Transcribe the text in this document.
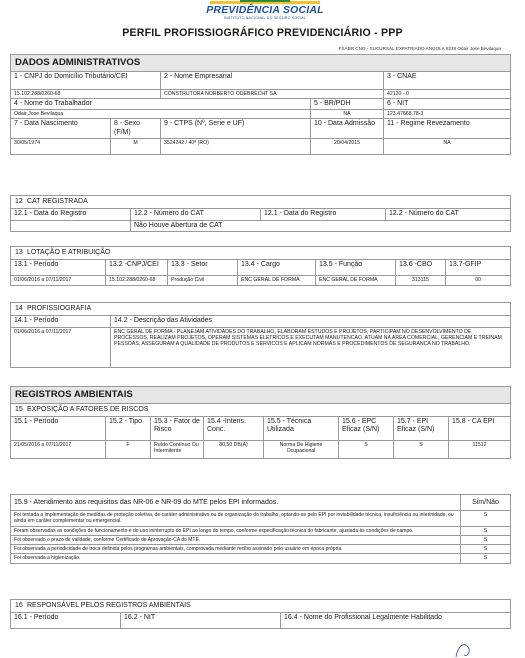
PREVIDÊNCIA SOCIAL
INSTITUTO NACIONAL DO SEGURO SOCIAL
PERFIL PROFISSIOGRÁFICO PREVIDENCIÁRIO - PPP
FSABR CNO - SUCURSAL EXPATRIADO ANGOLA 6238 Odair Jose Bevilaqua
DADOS ADMINISTRATIVOS				
1 - CNPJ do Domicílio Tributário/CEI		2 - Nome Empresarial		3 - CNAE
15.102.288/0260-68		CONSTRUTORA NORBERTO ODEBRECHT SA		42120 - 0
4 - Nome do Trabalhador			5 - BR/PDH	6 - NIT
Odair Jose Bevilaqua			NA	123.47668.78-3
7 - Data Nascimento	8 - Sexo (F/M)	9 - CTPS (Nº, Serie e UF)	10 - Data Admissão	11 - Regime Revezamento
30/05/1974	M	3524242 / 40ª (RO)	20/04/2015	NA
12 CAT REGISTRADA			
12.1 - Data do Registro	12.2 - Número do CAT	12.1 - Data do Registro	12.2 - Número do CAT
	Não Houve Abertura de CAT		
13 LOTAÇÃO E ATRIBUIÇÃO						
13.1 - Período	13.2 -CNPJ/CEI	13.3 - Setor	13.4 - Cargo	13.5 - Função	13.6 -CBO	13.7-GFIP
01/06/2016 a 07/11/2017	15.102.288/0260-68	Produção Civil	ENC GERAL DE FORMA	ENC GERAL DE FORMA	313115	00
14 PROFISSIOGRAFIA	
14.1 - Período	14.2 - Descrição das Atividades
01/06/2016 a 07/11/2017	ENC GERAL DE FORMA - PLANEJAM ATIVIDADES DO TRABALHO, ELABORAM ESTUDOS E PROJETOS, PARTICIPAM NO DESENVOLVIMENTO DE PROCESSOS, REALIZAM PROJETOS, OPERAM SISTEMAS ELETRICOS E EXECUTAM MANUTENCAO. ATUAM NA AREA COMERCIAL, GERENCIAM E TREINAM PESSOAS, ASSEGURAM A QUALIDADE DE PRODUTOS E SERVICOS E APLICAM NORMAS E PROCEDIMENTOS DE SEGURANCA NO TRABALHO.
REGISTROS AMBIENTAIS							
15 EXPOSIÇÃO A FATORES DE RISCOS							
15.1 - Período	15.2 - Tipo	15.3 - Fator de Risco	15.4 -Intens. Conc.	15.5 - Técnica Utilizada	15.6 - EPC Eficaz (S/N)	15.7 - EPI Eficaz (S/N)	15.8 - CA EPI
21/05/2016 a 07/11/2017	F	Ruído Contínuo Ou Intermitente	80,50 DB(A)	Norma De Higiene Ocupacional	S	S	11512
15.9 - Atendimento aos requisitos das NR-06 e NR-09 do MTE pelos EPI informados.	Sim/Não
Foi tentada a implementação de medidas de proteção coletiva, de caráter administrativo ou de organização do trabalho, optando-se pelo EPI por inviabilidade técnica, insuficiência ou interinidade, ou ainda em caráter complementar ou emergencial.	S
Foram observadas as condições de funcionamento e do uso ininterrupto do EPI ao longo do tempo, conforme especificação técnica do fabricante, ajustada às condições de campo.	S
Foi observado o prazo de validade, conforme Certificado de Aprovação-CA do MTE.	S
Foi observada a periodicidade de troca definida pelos programas ambientais, comprovada mediante recibo assinado pelo usuário em época própria.	S
Foi observada a higienização.	S
16 RESPONSÁVEL PELOS REGISTROS AMBIENTAIS
16.1 - Período	16.2 - NIT	16.4 - Nome do Profissional Legalmente Habilitado
